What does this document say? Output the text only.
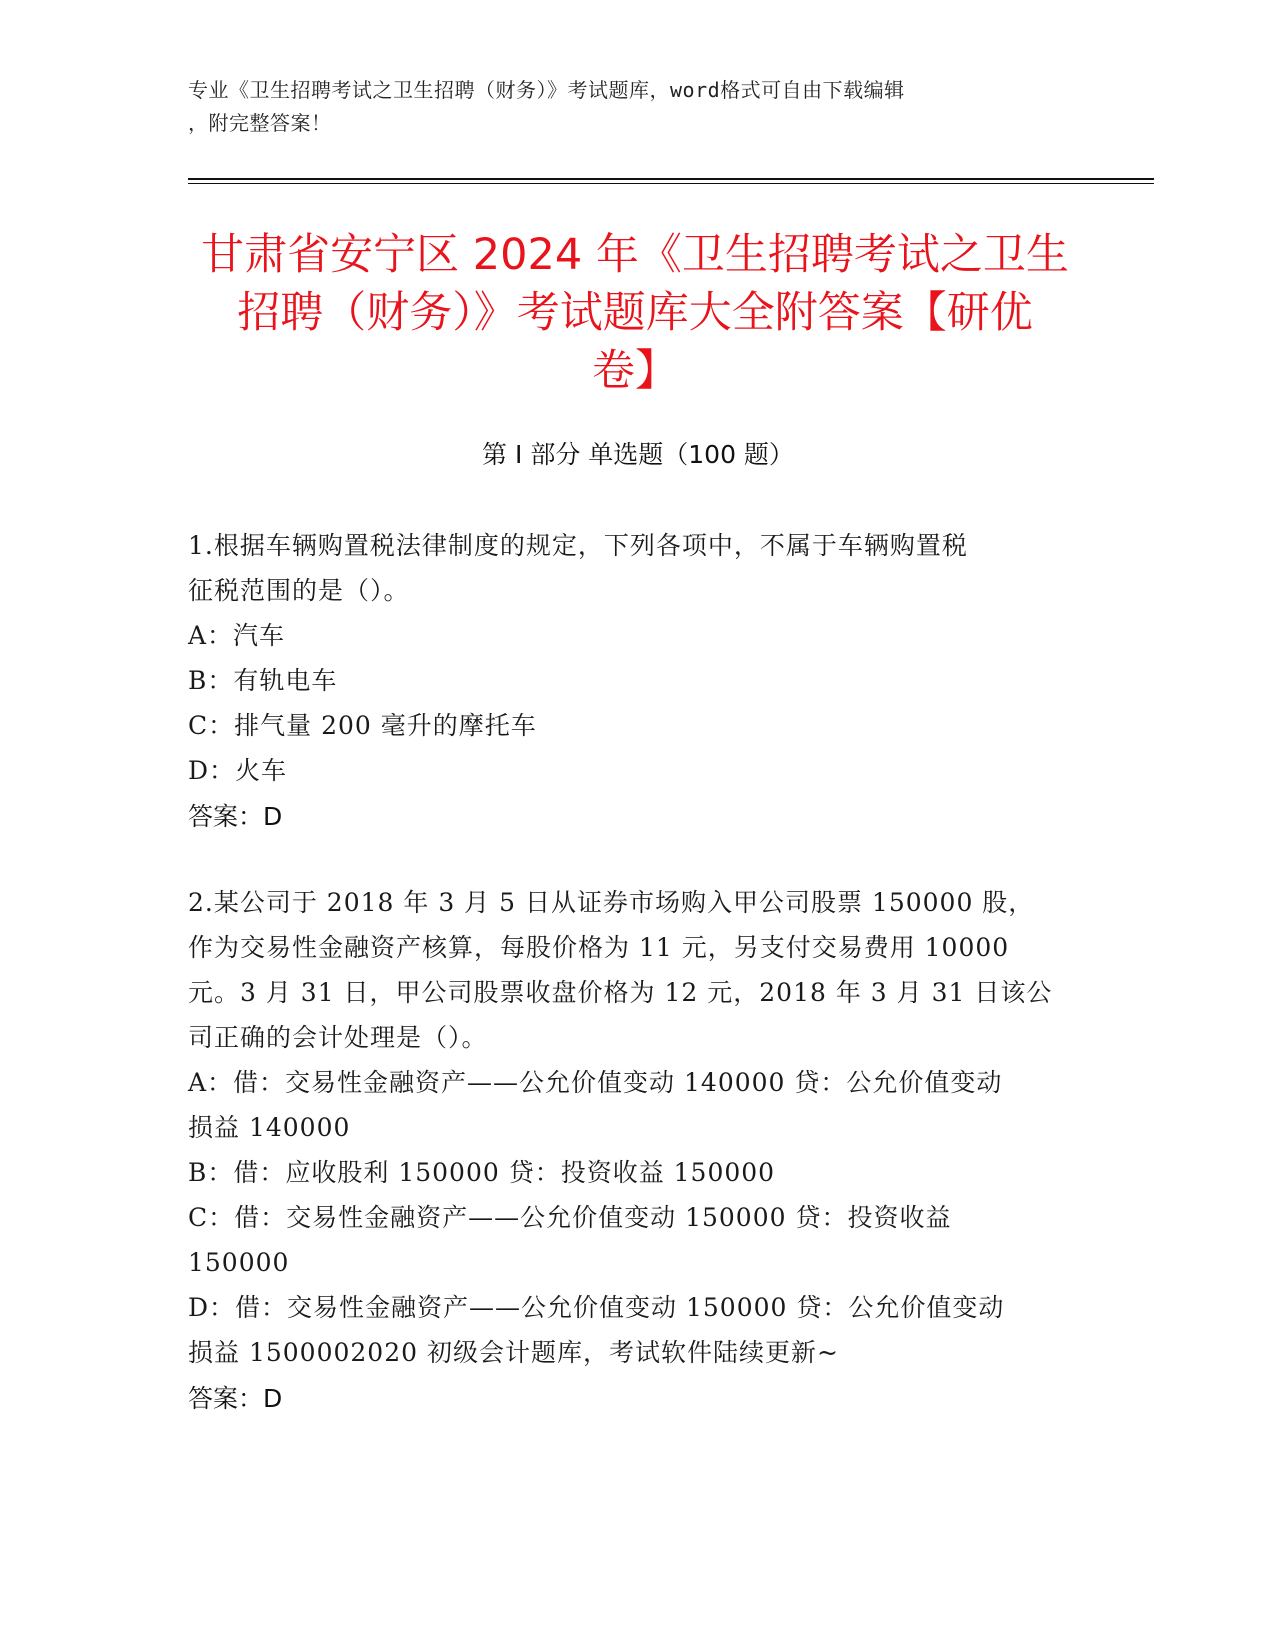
专业《卫生招聘考试之卫生招聘（财务）》考试题库，word格式可自由下载编辑
，附完整答案！
甘肃省安宁区 2024 年《卫生招聘考试之卫生
招聘（财务）》考试题库大全附答案【研优
卷】
第 I 部分 单选题（100 题）
1.根据车辆购置税法律制度的规定，下列各项中，不属于车辆购置税
征税范围的是（）。
A：汽车
B：有轨电车
C：排气量 200 毫升的摩托车
D：火车
答案：D
2.某公司于 2018 年 3 月 5 日从证券市场购入甲公司股票 150000 股，
作为交易性金融资产核算，每股价格为 11 元，另支付交易费用 10000
元。3 月 31 日，甲公司股票收盘价格为 12 元，2018 年 3 月 31 日该公
司正确的会计处理是（）。
A：借：交易性金融资产——公允价值变动 140000 贷：公允价值变动
损益 140000
B：借：应收股利 150000 贷：投资收益 150000
C：借：交易性金融资产——公允价值变动 150000 贷：投资收益
150000
D：借：交易性金融资产——公允价值变动 150000 贷：公允价值变动
损益 1500002020 初级会计题库，考试软件陆续更新~
答案：D
